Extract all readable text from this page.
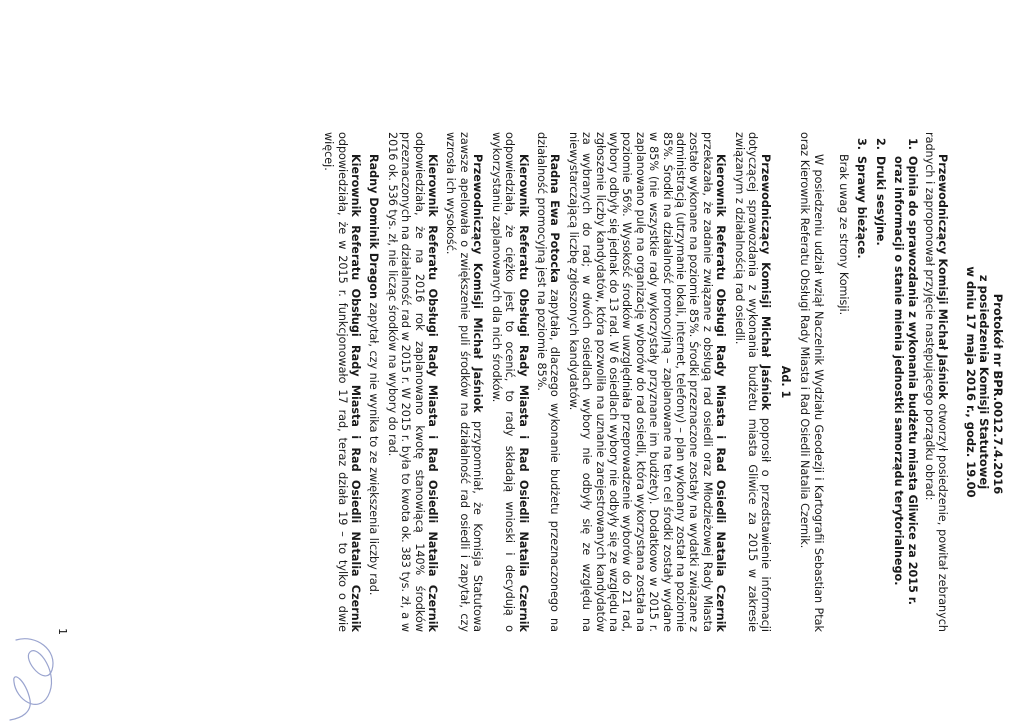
Protokół nr BPR.0012.7.4.2016
z posiedzenia Komisji Statutowej
w dniu 17 maja 2016 r., godz. 19.00

Przewodniczący Komisji Michał Jaśniok otworzył posiedzenie, powitał zebranych radnych i zaproponował przyjęcie następującego porządku obrad:

1.
Opinia do sprawozdania z wykonania budżetu miasta Gliwice za 2015 r. oraz informacji o stanie mienia jednostki samorządu terytorialnego.
2.
Druki sesyjne.
3.
Sprawy bieżące.

Brak uwag ze strony Komisji.

W posiedzeniu udział wziął Naczelnik Wydziału Geodezji i Kartografii Sebastian Ptak oraz Kierownik Referatu Obsługi Rady Miasta i Rad Osiedli Natalia Czernik.

Ad. 1

Przewodniczący Komisji Michał Jaśniok poprosił o przedstawienie informacji dotyczącej sprawozdania z wykonania budżetu miasta Gliwice za 2015 w zakresie związanym z działalnością rad osiedli.

Kierownik Referatu Obsługi Rady Miasta i Rad Osiedli Natalia Czernik przekazała, że zadanie związane z obsługą rad osiedli oraz Młodzieżowej Rady Miasta zostało wykonane na poziomie 85%. Środki przeznaczone zostały na wydatki związane z administracją (utrzymanie lokali, internet, telefony) – plan wykonany został na poziomie 85%. Środki na działalność promocyjną – zaplanowane na ten cel środki zostały wydane w 85% (nie wszystkie rady wykorzystały przyznane im budżety). Dodatkowo w 2015 r. zaplanowano pulę na organizację wyborów do rad osiedli, która wykorzystana została na poziomie 56%. Wysokość środków uwzględniała przeprowadzenie wyborów do 21 rad, wybory odbyły się jednak do 13 rad. W 6 osiedlach wybory nie odbyły się ze względu na zgłoszenie liczby kandydatów, która pozwoliła na uznanie zarejestrowanych kandydatów za wybranych do rad; w dwóch osiedlach wybory nie odbyły się ze względu na niewystarczającą liczbę zgłoszonych kandydatów.

Radna Ewa Potocka zapytała, dlaczego wykonanie budżetu przeznaczonego na działalność promocyjną jest na poziomie 85%.

Kierownik Referatu Obsługi Rady Miasta i Rad Osiedli Natalia Czernik odpowiedziała, że ciężko jest to ocenić, to rady składają wnioski i decydują o wykorzystaniu zaplanowanych dla nich środków.

Przewodniczący Komisji Michał Jaśniok przypomniał, że Komisja Statutowa zawsze apelowała o zwiększenie puli środków na działalność rad osiedli i zapytał, czy wzrosła ich wysokość.

Kierownik Referatu Obsługi Rady Miasta i Rad Osiedli Natalia Czernik odpowiedziała, że na 2016 rok zaplanowano kwotę stanowiącą 140% środków przeznaczonych na działalność rad w 2015 r. W 2015 r. była to kwota ok. 383 tys. zł, a w 2016 ok. 536 tys. zł, nie licząc środków na wybory do rad.

Radny Dominik Dragon zapytał, czy nie wynika to ze zwiększenia liczby rad.

Kierownik Referatu Obsługi Rady Miasta i Rad Osiedli Natalia Czernik odpowiedziała, że w 2015 r. funkcjonowało 17 rad, teraz działa 19 – to tylko o dwie więcej.

1
